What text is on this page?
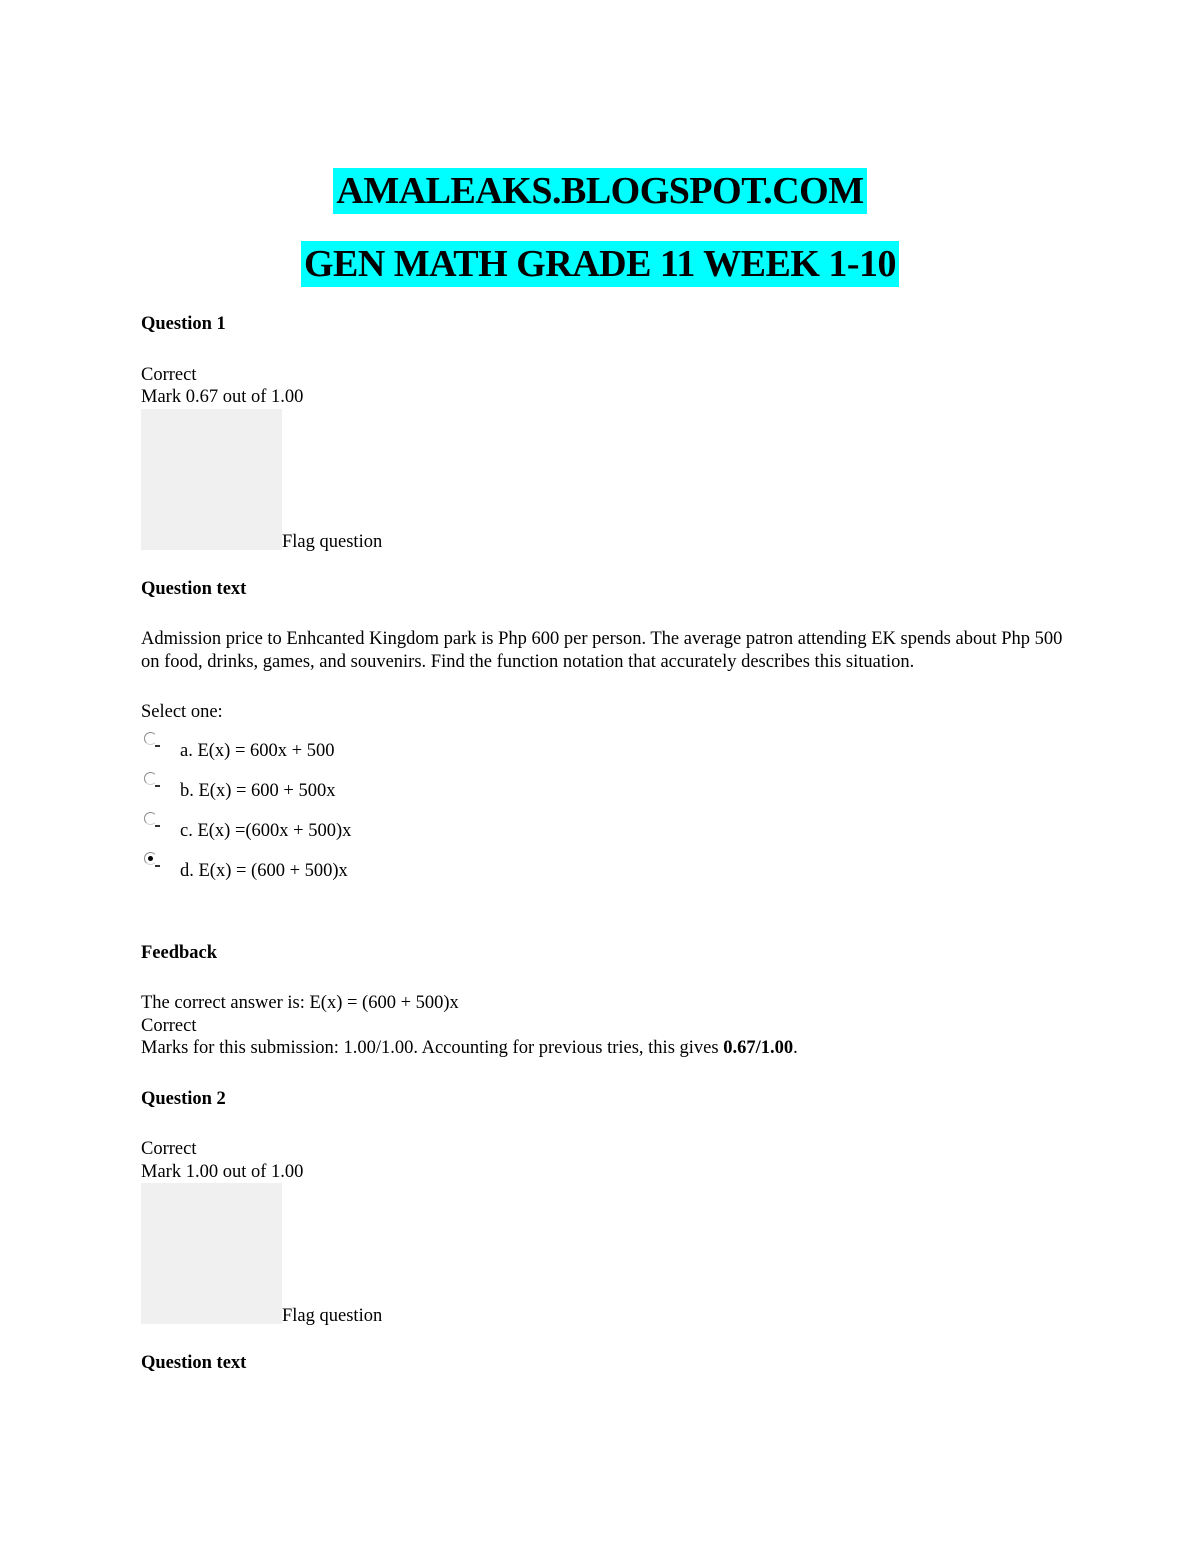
AMALEAKS.BLOGSPOT.COM
GEN MATH GRADE 11 WEEK 1-10

Question 1

Correct

Mark 0.67 out of 1.00

Flag question

Question text

Admission price to Enhcanted Kingdom park is Php 600 per person. The average patron attending EK spends about Php 500 on food, drinks, games, and souvenirs. Find the function notation that accurately describes this situation.

Select one:

a. E(x) = 600x + 500
b. E(x) = 600 + 500x
c. E(x) =(600x + 500)x
d. E(x) = (600 + 500)x

Feedback

The correct answer is: E(x) = (600 + 500)x

Correct

Marks for this submission: 1.00/1.00. Accounting for previous tries, this gives 0.67/1.00.

Question 2

Correct

Mark 1.00 out of 1.00

Flag question

Question text
